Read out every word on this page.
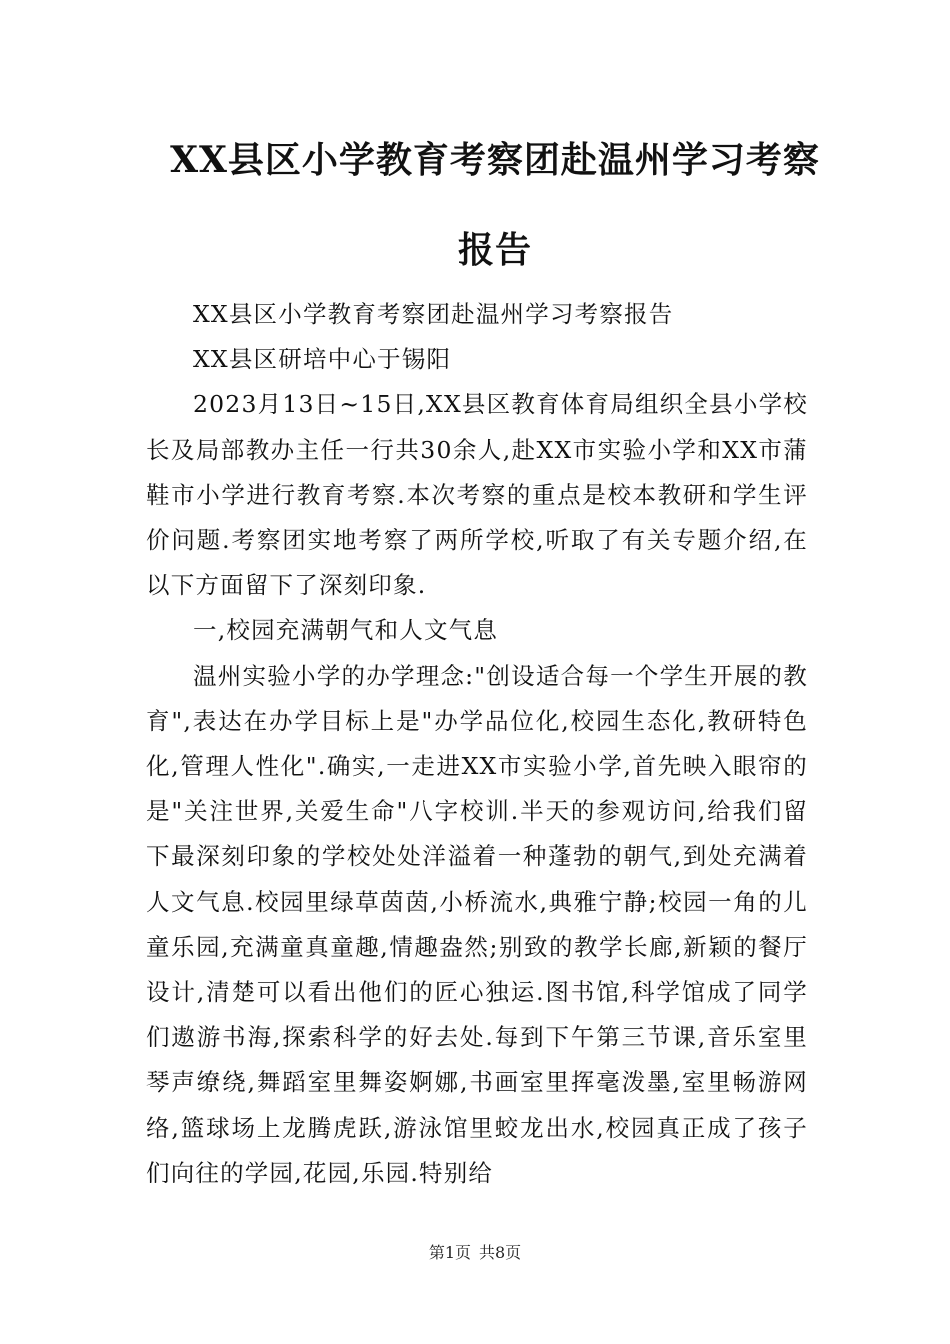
XX县区小学教育考察团赴温州学习考察
报告

XX县区小学教育考察团赴温州学习考察报告

XX县区研培中心于锡阳

2023月13日~15日,XX县区教育体育局组织全县小学校长及局部教办主任一行共30余人,赴XX市实验小学和XX市蒲鞋市小学进行教育考察.本次考察的重点是校本教研和学生评价问题.考察团实地考察了两所学校,听取了有关专题介绍,在以下方面留下了深刻印象.

一,校园充满朝气和人文气息

温州实验小学的办学理念:"创设适合每一个学生开展的教育",表达在办学目标上是"办学品位化,校园生态化,教研特色化,管理人性化".确实,一走进XX市实验小学,首先映入眼帘的是"关注世界,关爱生命"八字校训.半天的参观访问,给我们留下最深刻印象的学校处处洋溢着一种蓬勃的朝气,到处充满着人文气息.校园里绿草茵茵,小桥流水,典雅宁静;校园一角的儿童乐园,充满童真童趣,情趣盎然;别致的教学长廊,新颖的餐厅设计,清楚可以看出他们的匠心独运.图书馆,科学馆成了同学们遨游书海,探索科学的好去处.每到下午第三节课,音乐室里琴声缭绕,舞蹈室里舞姿婀娜,书画室里挥毫泼墨,室里畅游网络,篮球场上龙腾虎跃,游泳馆里蛟龙出水,校园真正成了孩子们向往的学园,花园,乐园.特别给

第1页 共8页
